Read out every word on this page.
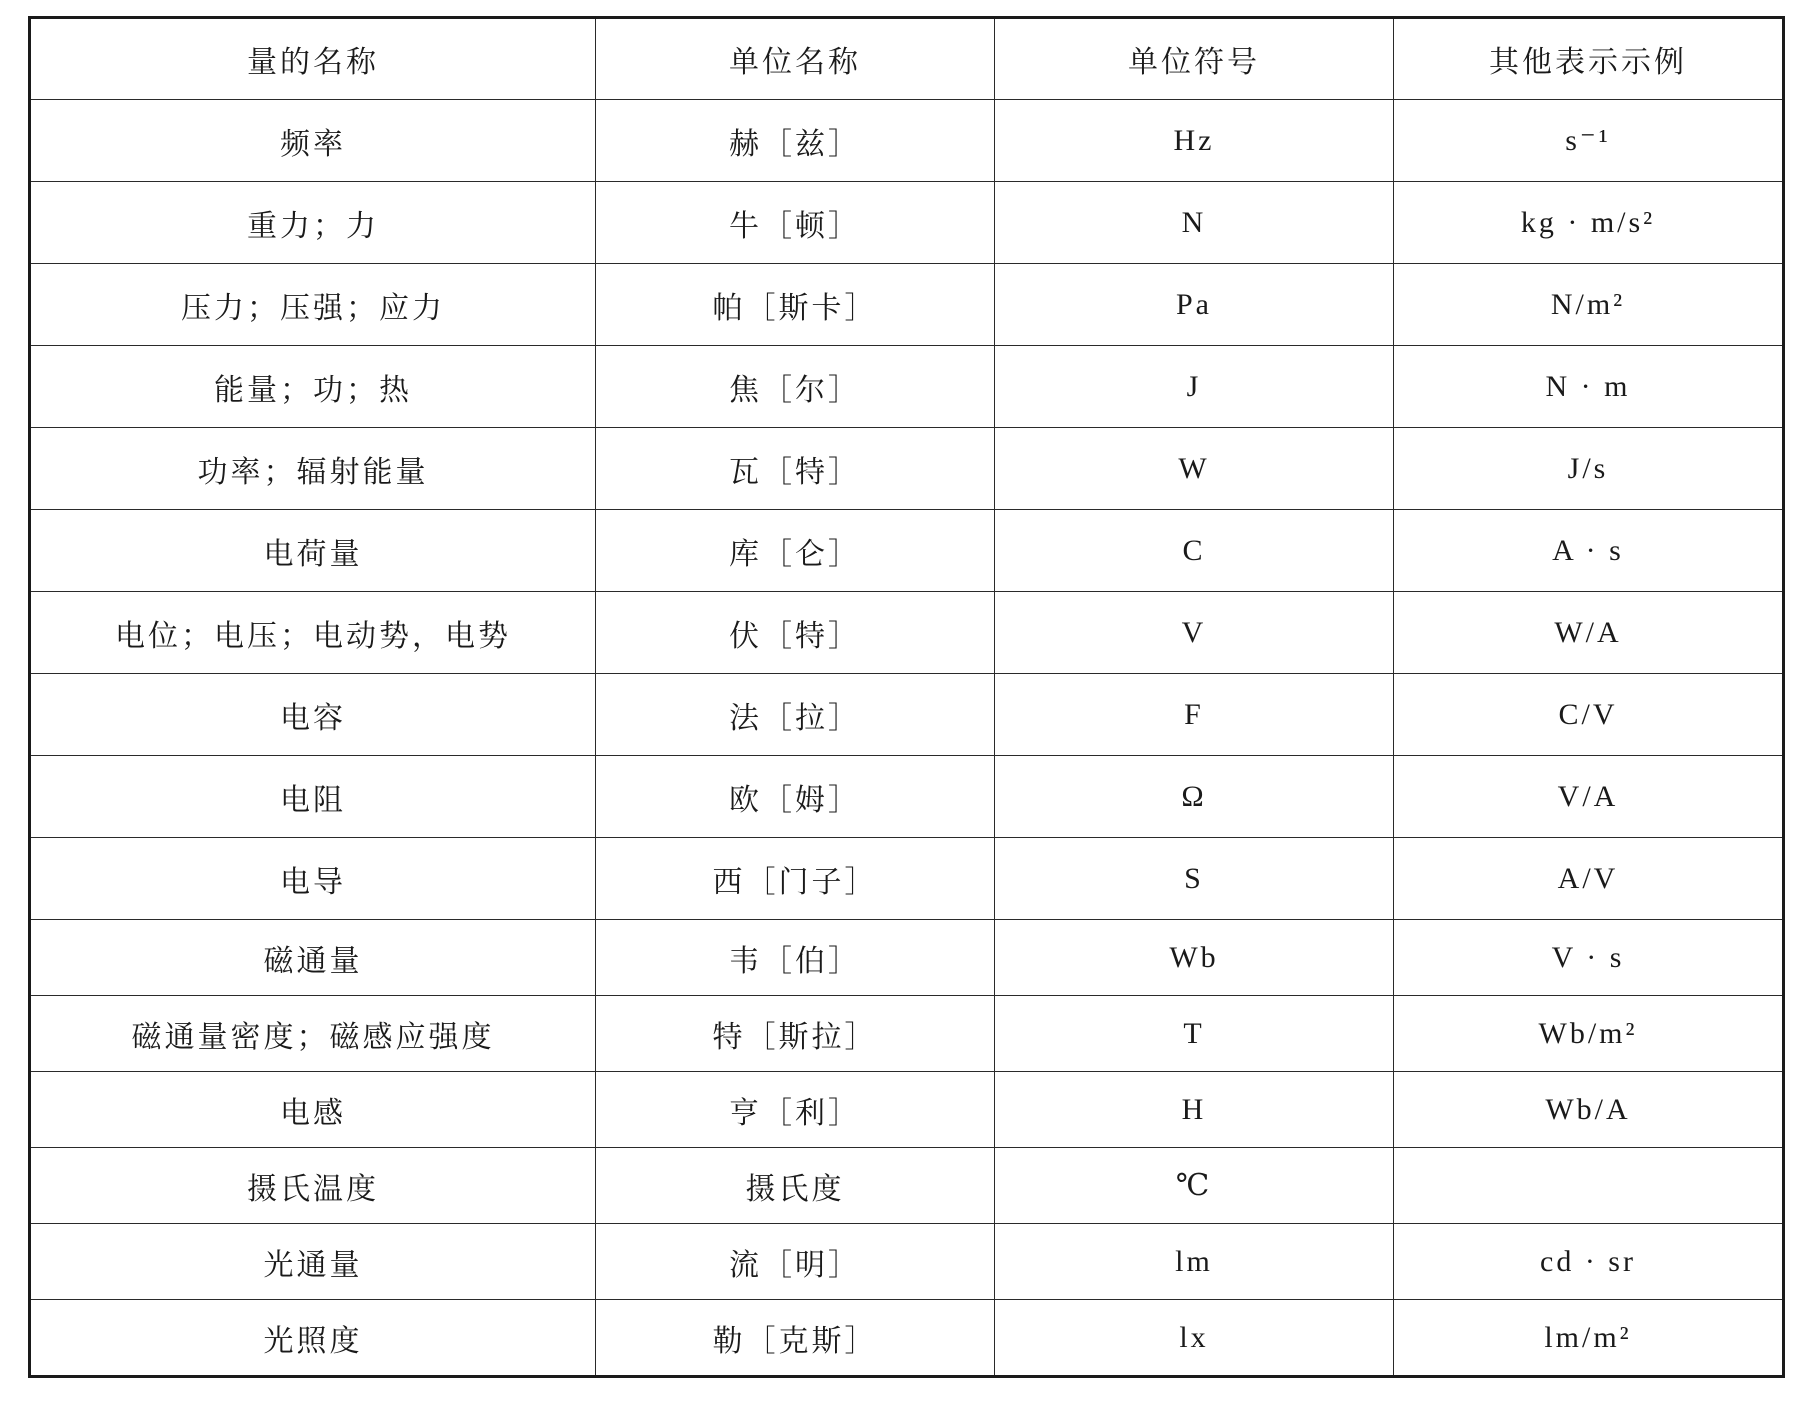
量的名称	单位名称	单位符号	其他表示示例
频率	赫［兹］	Hz	s⁻¹
重力；力	牛［顿］	N	kg · m/s²
压力；压强；应力	帕［斯卡］	Pa	N/m²
能量；功；热	焦［尔］	J	N · m
功率；辐射能量	瓦［特］	W	J/s
电荷量	库［仑］	C	A · s
电位；电压；电动势，电势	伏［特］	V	W/A
电容	法［拉］	F	C/V
电阻	欧［姆］	Ω	V/A
电导	西［门子］	S	A/V
磁通量	韦［伯］	Wb	V · s
磁通量密度；磁感应强度	特［斯拉］	T	Wb/m²
电感	亨［利］	H	Wb/A
摄氏温度	摄氏度	℃	
光通量	流［明］	lm	cd · sr
光照度	勒［克斯］	lx	lm/m²
